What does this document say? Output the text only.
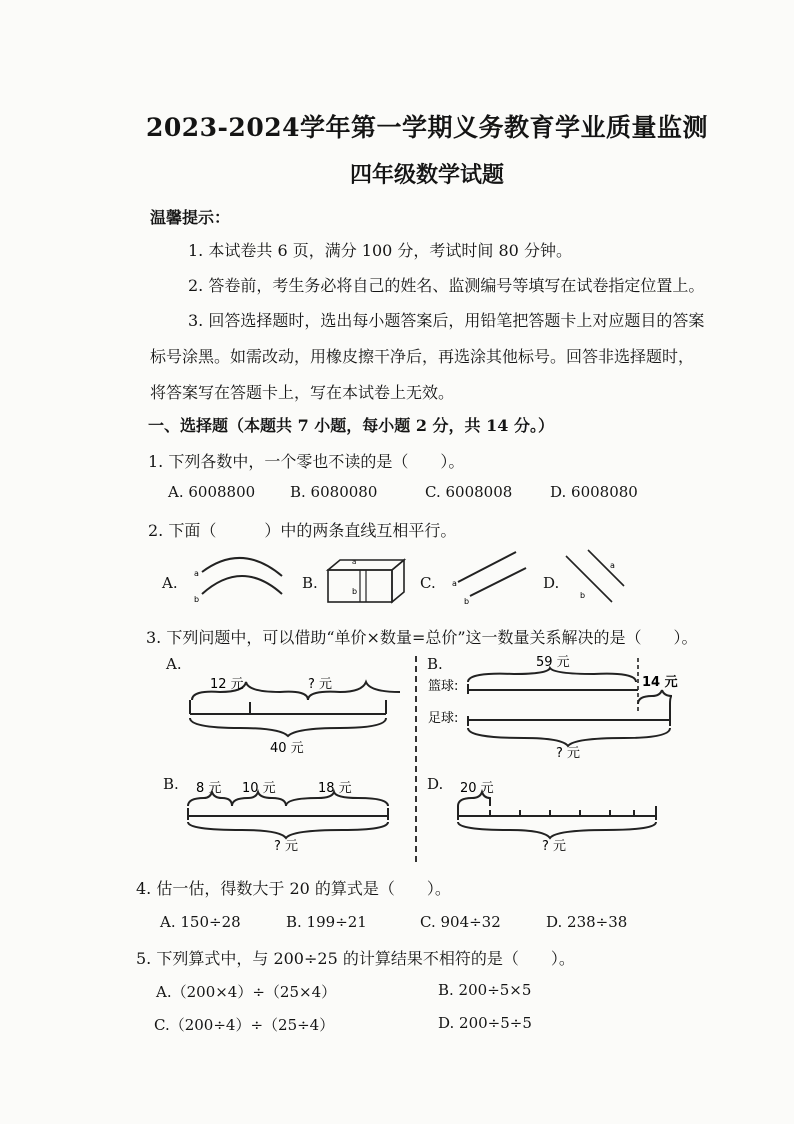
2023-2024学年第一学期义务教育学业质量监测
四年级数学试题
温馨提示：
1. 本试卷共 6 页，满分 100 分，考试时间 80 分钟。
2. 答卷前，考生务必将自己的姓名、监测编号等填写在试卷指定位置上。
3. 回答选择题时，选出每小题答案后，用铅笔把答题卡上对应题目的答案
标号涂黑。如需改动，用橡皮擦干净后，再选涂其他标号。回答非选择题时，
将答案写在答题卡上，写在本试卷上无效。
一、选择题（本题共 7 小题，每小题 2 分，共 14 分。）
1. 下列各数中，一个零也不读的是（　　）。
A. 6008800 B. 6080080	C. 6008008	D. 6008080
2. 下面（　　　）中的两条直线互相平行。
A.
a
b
B.
a
b	C. a
b
D.
a
b
3. 下列问题中，可以借助“单价×数量=总价”这一数量关系解决的是（　　）。
A.
12 元	? 元
40 元
B.	59 元
篮球:	14 元
足球:
? 元
B. 8 元 10 元	18 元
? 元
D. 20 元
? 元
4. 估一估，得数大于 20 的算式是（　　）。
A. 150÷28	B. 199÷21	C. 904÷32	D. 238÷38
5. 下列算式中，与 200÷25 的计算结果不相符的是（　　）。
A.（200×4）÷（25×4）	B. 200÷5×5
C.（200÷4）÷（25÷4）	D. 200÷5÷5
